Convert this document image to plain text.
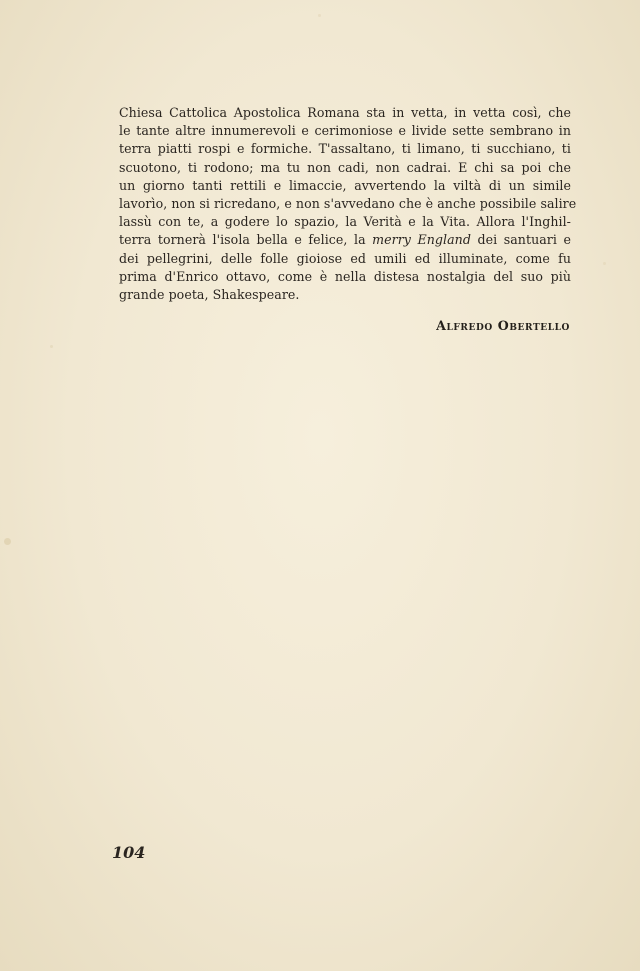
Chiesa Cattolica Apostolica Romana sta in vetta, in vetta così, che
le tante altre innumerevoli e cerimoniose e livide sette sembrano in
terra piatti rospi e formiche. T'assaltano, ti limano, ti succhiano, ti
scuotono, ti rodono; ma tu non cadi, non cadrai. E chi sa poi che
un giorno tanti rettili e limaccie, avvertendo la viltà di un simile
lavorìo, non si ricredano, e non s'avvedano che è anche possibile salire
lassù con te, a godere lo spazio, la Verità e la Vita. Allora l'Inghil-
terra tornerà l'isola bella e felice, la merry England dei santuari e
dei pellegrini, delle folle gioiose ed umili ed illuminate, come fu
prima d'Enrico ottavo, come è nella distesa nostalgia del suo più
grande poeta, Shakespeare.

Alfredo Obertello

104
